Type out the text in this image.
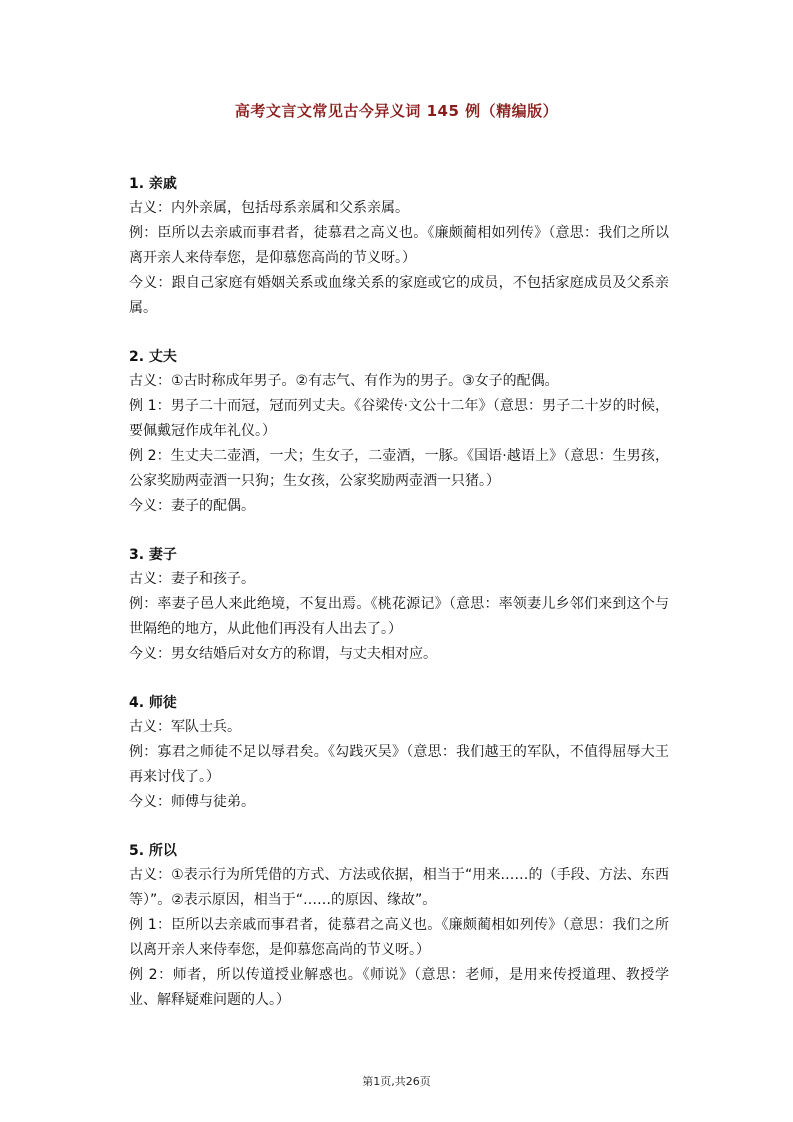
高考文言文常见古今异义词 145 例（精编版）
1. 亲戚

古义：内外亲属，包括母系亲属和父系亲属。

例：臣所以去亲戚而事君者，徒慕君之高义也。《廉颇蔺相如列传》（意思：我们之所以离开亲人来侍奉您，是仰慕您高尚的节义呀。）

今义：跟自己家庭有婚姻关系或血缘关系的家庭或它的成员，不包括家庭成员及父系亲属。

2. 丈夫

古义：①古时称成年男子。②有志气、有作为的男子。③女子的配偶。

例 1：男子二十而冠，冠而列丈夫。《谷梁传·文公十二年》（意思：男子二十岁的时候，要佩戴冠作成年礼仪。）

例 2：生丈夫二壶酒，一犬；生女子，二壶酒，一豚。《国语·越语上》（意思：生男孩，公家奖励两壶酒一只狗；生女孩，公家奖励两壶酒一只猪。）

今义：妻子的配偶。

3. 妻子

古义：妻子和孩子。

例：率妻子邑人来此绝境，不复出焉。《桃花源记》（意思：率领妻儿乡邻们来到这个与世隔绝的地方，从此他们再没有人出去了。）

今义：男女结婚后对女方的称谓，与丈夫相对应。

4. 师徒

古义：军队士兵。

例：寡君之师徒不足以辱君矣。《勾践灭吴》（意思：我们越王的军队，不值得屈辱大王再来讨伐了。）

今义：师傅与徒弟。

5. 所以

古义：①表示行为所凭借的方式、方法或依据，相当于“用来……的（手段、方法、东西等）”。②表示原因，相当于“……的原因、缘故”。

例 1：臣所以去亲戚而事君者，徒慕君之高义也。《廉颇蔺相如列传》（意思：我们之所以离开亲人来侍奉您，是仰慕您高尚的节义呀。）

例 2：师者，所以传道授业解惑也。《师说》（意思：老师，是用来传授道理、教授学业、解释疑难问题的人。）

第1页,共26页
